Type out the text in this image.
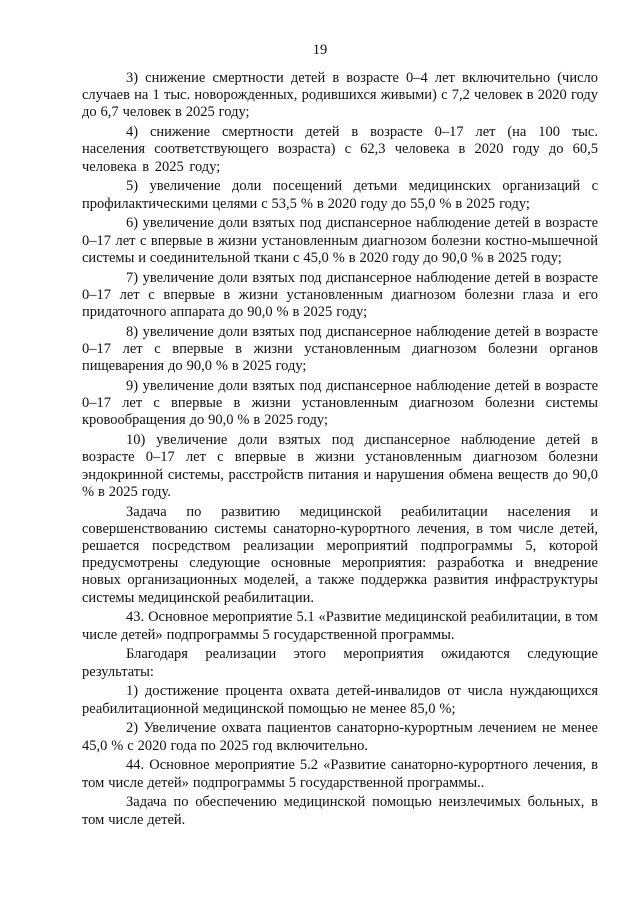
19

3) снижение смертности детей в возрасте 0–4 лет включительно (число случаев на 1 тыс. новорожденных, родившихся живыми) с 7,2 человек в 2020 году до 6,7 человек в 2025 году;

4) снижение смертности детей в возрасте 0–17 лет (на 100 тыс. населения соответствующего возраста) с 62,3 человека в 2020 году до 60,5 человека в 2025 году;

5) увеличение доли посещений детьми медицинских организаций с профилактическими целями с 53,5 % в 2020 году до 55,0 % в 2025 году;

6) увеличение доли взятых под диспансерное наблюдение детей в возрасте 0–17 лет с впервые в жизни установленным диагнозом болезни костно-мышечной системы и соединительной ткани с 45,0 % в 2020 году до 90,0 % в 2025 году;

7) увеличение доли взятых под диспансерное наблюдение детей в возрасте 0–17 лет с впервые в жизни установленным диагнозом болезни глаза и его придаточного аппарата до 90,0 % в 2025 году;

8) увеличение доли взятых под диспансерное наблюдение детей в возрасте 0–17 лет с впервые в жизни установленным диагнозом болезни органов пищеварения до 90,0 % в 2025 году;

9) увеличение доли взятых под диспансерное наблюдение детей в возрасте 0–17 лет с впервые в жизни установленным диагнозом болезни системы кровообращения до 90,0 % в 2025 году;

10) увеличение доли взятых под диспансерное наблюдение детей в возрасте 0–17 лет с впервые в жизни установленным диагнозом болезни эндокринной системы, расстройств питания и нарушения обмена веществ до 90,0 % в 2025 году.

Задача по развитию медицинской реабилитации населения и совершенствованию системы санаторно-курортного лечения, в том числе детей, решается посредством реализации мероприятий подпрограммы 5, которой предусмотрены следующие основные мероприятия: разработка и внедрение новых организационных моделей, а также поддержка развития инфраструктуры системы медицинской реабилитации.

43. Основное мероприятие 5.1 «Развитие медицинской реабилитации, в том числе детей» подпрограммы 5 государственной программы.

Благодаря реализации этого мероприятия ожидаются следующие результаты:

1) достижение процента охвата детей-инвалидов от числа нуждающихся реабилитационной медицинской помощью не менее 85,0 %;

2) Увеличение охвата пациентов санаторно-курортным лечением не менее 45,0 % с 2020 года по 2025 год включительно.

44. Основное мероприятие 5.2 «Развитие санаторно-курортного лечения, в том числе детей» подпрограммы 5 государственной программы..

Задача по обеспечению медицинской помощью неизлечимых больных, в том числе детей.
